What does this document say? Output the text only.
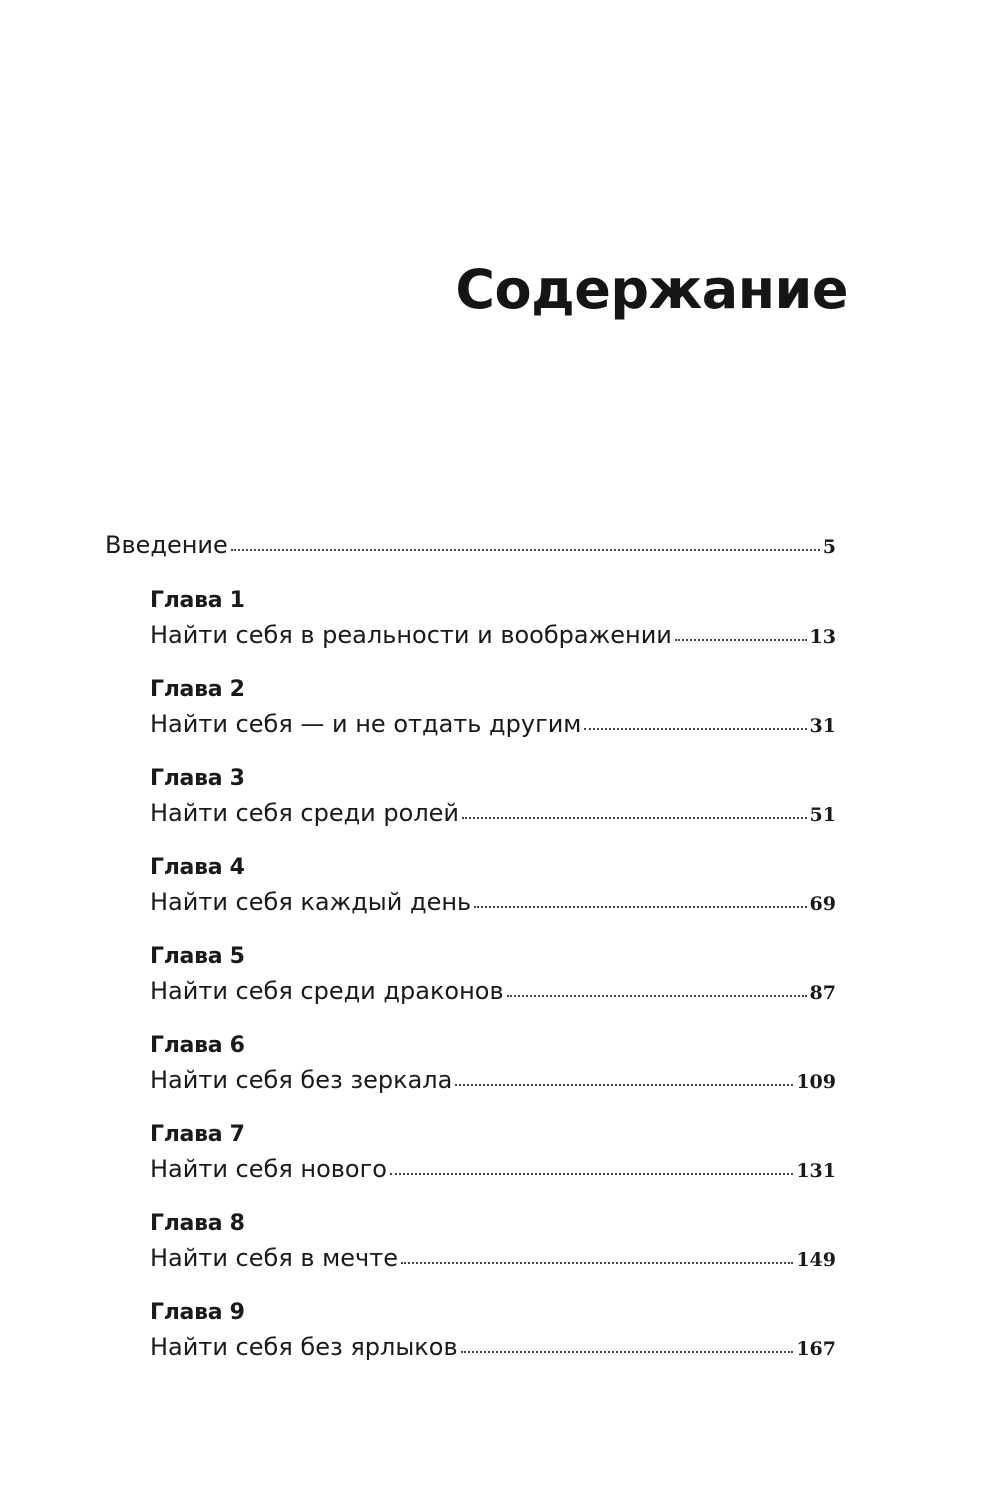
Содержание
Введение	5
Глава 1
Найти себя в реальности и воображении	13
Глава 2
Найти себя — и не отдать другим	31
Глава 3
Найти себя среди ролей	51
Глава 4
Найти себя каждый день	69
Глава 5
Найти себя среди драконов	87
Глава 6
Найти себя без зеркала	109
Глава 7
Найти себя нового	131
Глава 8
Найти себя в мечте	149
Глава 9
Найти себя без ярлыков	167
